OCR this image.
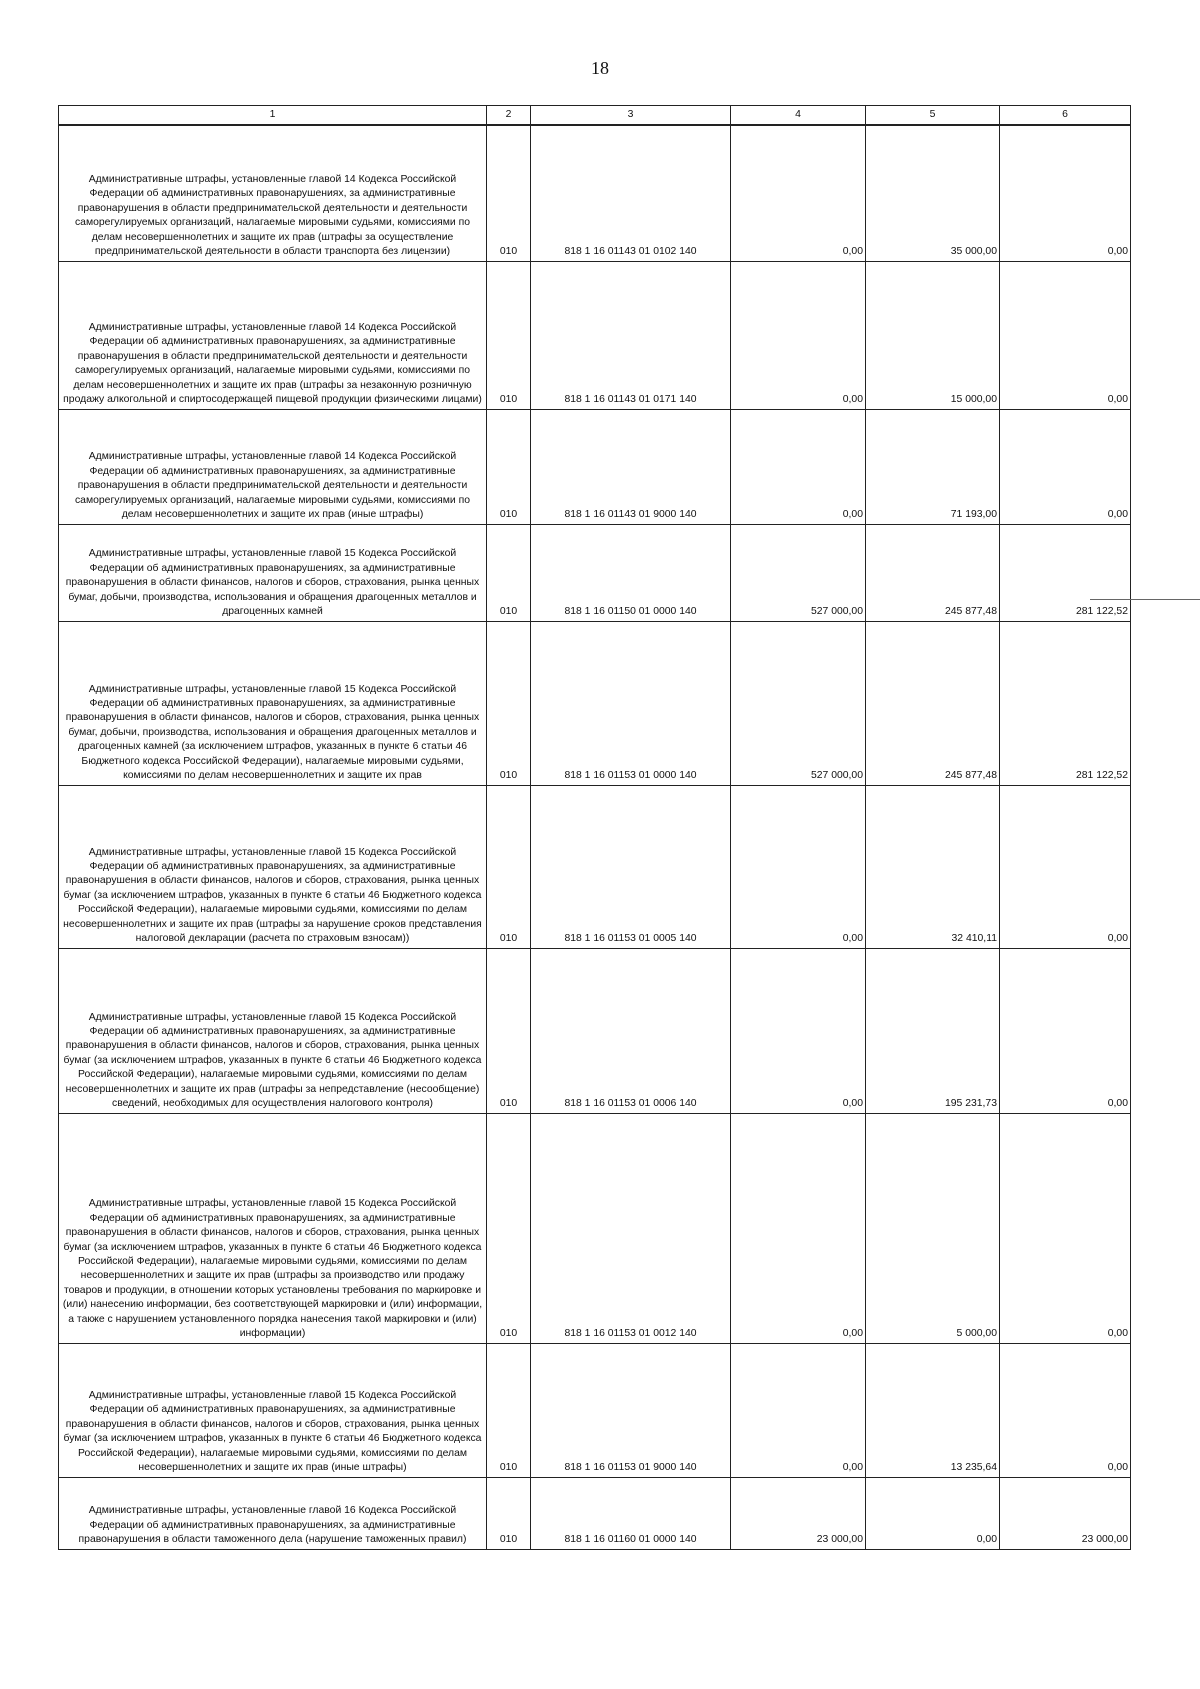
18
1	2	3	4	5	6
Административные штрафы, установленные главой 14 Кодекса Российской Федерации об административных правонарушениях, за административные правонарушения в области предпринимательской деятельности и деятельности саморегулируемых организаций, налагаемые мировыми судьями, комиссиями по делам несовершеннолетних и защите их прав (штрафы за осуществление предпринимательской деятельности в области транспорта без лицензии)	010	818 1 16 01143 01 0102 140	0,00	35 000,00	0,00
Административные штрафы, установленные главой 14 Кодекса Российской Федерации об административных правонарушениях, за административные правонарушения в области предпринимательской деятельности и деятельности саморегулируемых организаций, налагаемые мировыми судьями, комиссиями по делам несовершеннолетних и защите их прав (штрафы за незаконную розничную продажу алкогольной и спиртосодержащей пищевой продукции физическими лицами)	010	818 1 16 01143 01 0171 140	0,00	15 000,00	0,00
Административные штрафы, установленные главой 14 Кодекса Российской Федерации об административных правонарушениях, за административные правонарушения в области предпринимательской деятельности и деятельности саморегулируемых организаций, налагаемые мировыми судьями, комиссиями по делам несовершеннолетних и защите их прав (иные штрафы)	010	818 1 16 01143 01 9000 140	0,00	71 193,00	0,00
Административные штрафы, установленные главой 15 Кодекса Российской Федерации об административных правонарушениях, за административные правонарушения в области финансов, налогов и сборов, страхования, рынка ценных бумаг, добычи, производства, использования и обращения драгоценных металлов и драгоценных камней	010	818 1 16 01150 01 0000 140	527 000,00	245 877,48	281 122,52
Административные штрафы, установленные главой 15 Кодекса Российской Федерации об административных правонарушениях, за административные правонарушения в области финансов, налогов и сборов, страхования, рынка ценных бумаг, добычи, производства, использования и обращения драгоценных металлов и драгоценных камней (за исключением штрафов, указанных в пункте 6 статьи 46 Бюджетного кодекса Российской Федерации), налагаемые мировыми судьями, комиссиями по делам несовершеннолетних и защите их прав	010	818 1 16 01153 01 0000 140	527 000,00	245 877,48	281 122,52
Административные штрафы, установленные главой 15 Кодекса Российской Федерации об административных правонарушениях, за административные правонарушения в области финансов, налогов и сборов, страхования, рынка ценных бумаг (за исключением штрафов, указанных в пункте 6 статьи 46 Бюджетного кодекса Российской Федерации), налагаемые мировыми судьями, комиссиями по делам несовершеннолетних и защите их прав (штрафы за нарушение сроков представления налоговой декларации (расчета по страховым взносам))	010	818 1 16 01153 01 0005 140	0,00	32 410,11	0,00
Административные штрафы, установленные главой 15 Кодекса Российской Федерации об административных правонарушениях, за административные правонарушения в области финансов, налогов и сборов, страхования, рынка ценных бумаг (за исключением штрафов, указанных в пункте 6 статьи 46 Бюджетного кодекса Российской Федерации), налагаемые мировыми судьями, комиссиями по делам несовершеннолетних и защите их прав (штрафы за непредставление (несообщение) сведений, необходимых для осуществления налогового контроля)	010	818 1 16 01153 01 0006 140	0,00	195 231,73	0,00
Административные штрафы, установленные главой 15 Кодекса Российской Федерации об административных правонарушениях, за административные правонарушения в области финансов, налогов и сборов, страхования, рынка ценных бумаг (за исключением штрафов, указанных в пункте 6 статьи 46 Бюджетного кодекса Российской Федерации), налагаемые мировыми судьями, комиссиями по делам несовершеннолетних и защите их прав (штрафы за производство или продажу товаров и продукции, в отношении которых установлены требования по маркировке и (или) нанесению информации, без соответствующей маркировки и (или) информации, а также с нарушением установленного порядка нанесения такой маркировки и (или) информации)	010	818 1 16 01153 01 0012 140	0,00	5 000,00	0,00
Административные штрафы, установленные главой 15 Кодекса Российской Федерации об административных правонарушениях, за административные правонарушения в области финансов, налогов и сборов, страхования, рынка ценных бумаг (за исключением штрафов, указанных в пункте 6 статьи 46 Бюджетного кодекса Российской Федерации), налагаемые мировыми судьями, комиссиями по делам несовершеннолетних и защите их прав (иные штрафы)	010	818 1 16 01153 01 9000 140	0,00	13 235,64	0,00
Административные штрафы, установленные главой 16 Кодекса Российской Федерации об административных правонарушениях, за административные правонарушения в области таможенного дела (нарушение таможенных правил)	010	818 1 16 01160 01 0000 140	23 000,00	0,00	23 000,00
